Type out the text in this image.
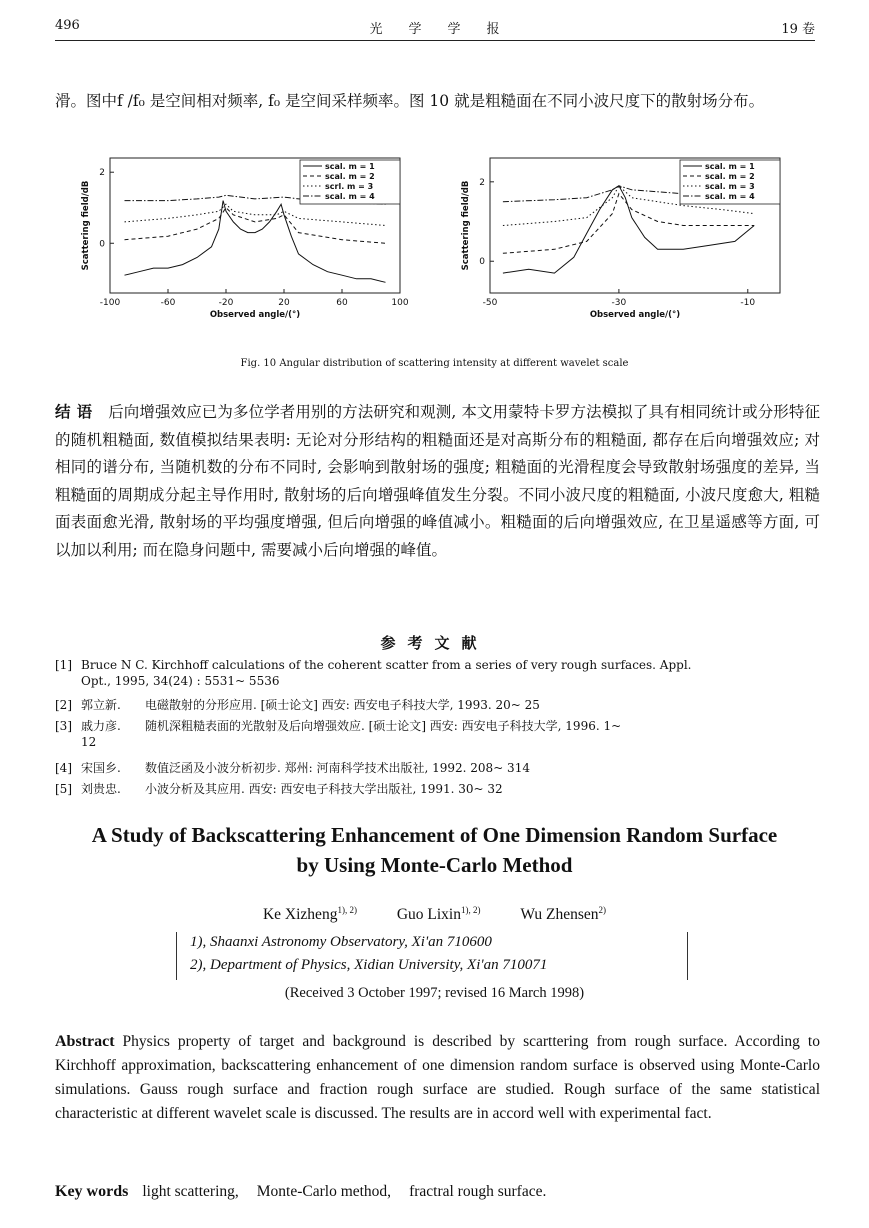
496	光　　学　　学　　报	19 卷
滑。图中f /f₀ 是空间相对频率, f₀ 是空间采样频率。图 10 就是粗糙面在不同小波尺度下的散射场分布。
-100	-60	-20	20	60	100
2
0
Observed angle/(°)
Scattering field/dB
scal. m = 1
scal. m = 2
scrl. m = 3
scal. m = 4
-50	-30	-10
2
0
Observed angle/(°)
Scattering field/dB
scal. m = 1
scal. m = 2
scal. m = 3
scal. m = 4
Fig. 10 Angular distribution of scattering intensity at different wavelet scale
结语 后向增强效应已为多位学者用别的方法研究和观测, 本文用蒙特卡罗方法模拟了具有相同统计或分形特征的随机粗糙面, 数值模拟结果表明: 无论对分形结构的粗糙面还是对高斯分布的粗糙面, 都存在后向增强效应; 对相同的谱分布, 当随机数的分布不同时, 会影响到散射场的强度; 粗糙面的光滑程度会导致散射场强度的差异, 当粗糙面的周期成分起主导作用时, 散射场的后向增强峰值发生分裂。不同小波尺度的粗糙面, 小波尺度愈大, 粗糙面表面愈光滑, 散射场的平均强度增强, 但后向增强的峰值减小。粗糙面的后向增强效应, 在卫星遥感等方面, 可以加以利用; 而在隐身问题中, 需要减小后向增强的峰值。
参考文献
[1] Bruce N C. Kirchhoff calculations of the coherent scatter from a series of very rough surfaces. Appl.
Opt., 1995, 34(24) : 5531~ 5536
[2] 郭立新. 电磁散射的分形应用. [硕士论文] 西安: 西安电子科技大学, 1993. 20~ 25
[3] 戚力彦. 随机深粗糙表面的光散射及后向增强效应. [硕士论文] 西安: 西安电子科技大学, 1996. 1~
12
[4] 宋国乡. 数值泛函及小波分析初步. 郑州: 河南科学技术出版社, 1992. 208~ 314
[5] 刘贵忠. 小波分析及其应用. 西安: 西安电子科技大学出版社, 1991. 30~ 32
A Study of Backscattering Enhancement of One Dimension Random Surface
by Using Monte-Carlo Method
Ke Xizheng$^{1), 2)}$	Guo Lixin$^{1), 2)}$	Wu Zhensen$^{2)}$
1), Shaanxi Astronomy Observatory, Xi'an 710600
2), Department of Physics, Xidian University, Xi'an 710071
(Received 3 October 1997; revised 16 March 1998)
Abstract Physics property of target and background is described by scarttering from rough surface. According to Kirchhoff approximation, backscattering enhancement of one dimension random surface is observed using Monte-Carlo simulations. Gauss rough surface and fraction rough surface are studied. Rough surface of the same statistical characteristic at different wavelet scale is discussed. The results are in accord well with experimental fact.
Key words light scattering, Monte-Carlo method, fractral rough surface.
